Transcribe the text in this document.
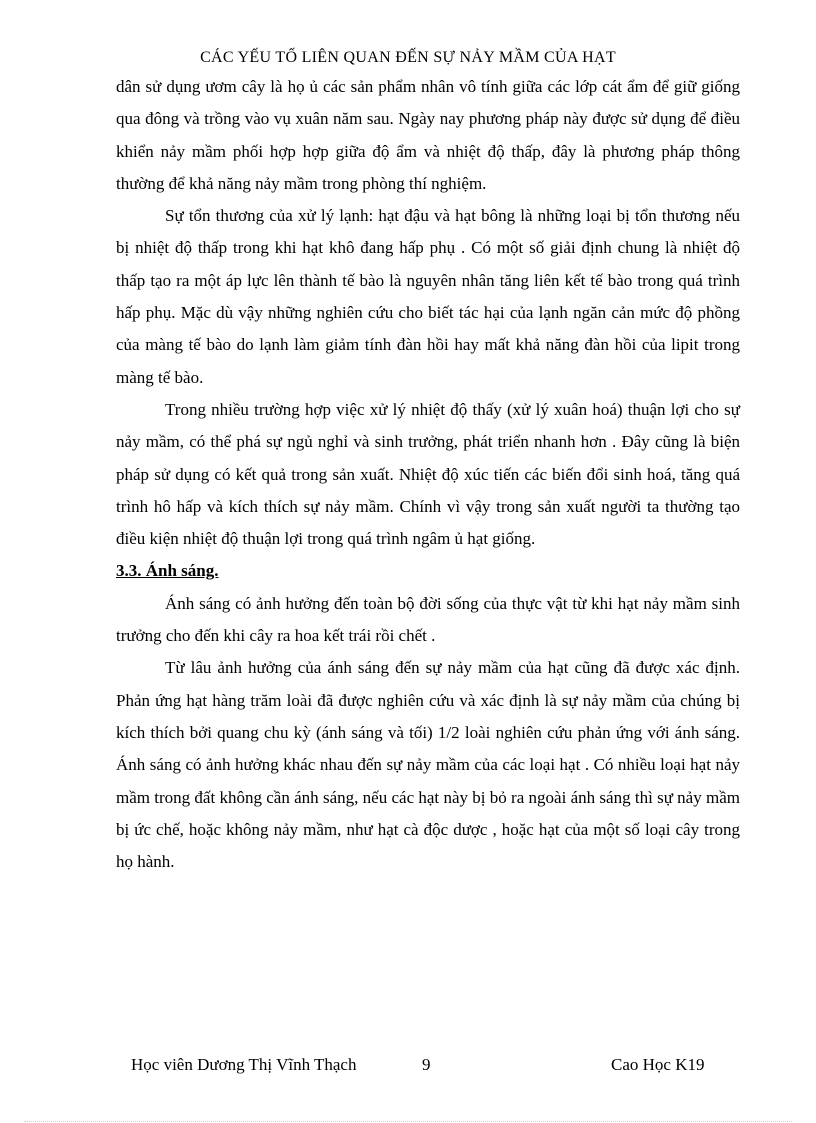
CÁC YẾU TỐ LIÊN QUAN ĐẾN SỰ NẢY MẦM CỦA HẠT

dân sử dụng ươm cây là họ ủ các sản phẩm nhân vô tính giữa các lớp cát ẩm để giữ giống qua đông và trồng vào vụ xuân năm sau. Ngày nay phương pháp này được sử dụng để điều khiển nảy mầm phối hợp hợp giữa độ ẩm và nhiệt độ thấp, đây là phương pháp thông thường để khả năng nảy mầm trong phòng thí nghiệm.

Sự tổn thương của xử lý lạnh: hạt đậu và hạt bông là những loại bị tổn thương nếu bị nhiệt độ thấp trong khi hạt khô đang hấp phụ . Có một số giải định chung là nhiệt độ thấp tạo ra một áp lực lên thành tế bào là nguyên nhân tăng liên kết tế bào trong quá trình hấp phụ. Mặc dù vậy những nghiên cứu cho biết tác hại của lạnh ngăn cản mức độ phồng của màng tế bào do lạnh làm giảm tính đàn hồi hay mất khả năng đàn hồi của lipit trong màng tế bào.

Trong nhiều trường hợp việc xử lý nhiệt độ thấy (xử lý xuân hoá) thuận lợi cho sự nảy mầm, có thể phá sự ngủ nghỉ và sinh trưởng, phát triển nhanh hơn . Đây cũng là biện pháp sử dụng có kết quả trong sản xuất. Nhiệt độ xúc tiến các biến đổi sinh hoá, tăng quá trình hô hấp và kích thích sự nảy mầm. Chính vì vậy trong sản xuất người ta thường tạo điều kiện nhiệt độ thuận lợi trong quá trình ngâm ủ hạt giống.

3.3. Ánh sáng.

Ánh sáng có ảnh hưởng đến toàn bộ đời sống của thực vật từ khi hạt nảy mầm sinh trưởng cho đến khi cây ra hoa kết trái rồi chết .

Từ lâu ảnh hưởng của ánh sáng đến sự nảy mầm của hạt cũng đã được xác định. Phản ứng hạt hàng trăm loài đã được nghiên cứu và xác định là sự nảy mầm của chúng bị kích thích bởi quang chu kỳ (ánh sáng và tối) 1/2 loài nghiên cứu phản ứng với ánh sáng. Ánh sáng có ảnh hưởng khác nhau đến sự nảy mầm của các loại hạt . Có nhiều loại hạt nảy mầm trong đất không cần ánh sáng, nếu các hạt này bị bỏ ra ngoài ánh sáng thì sự nảy mầm bị ức chế, hoặc không nảy mầm, như hạt cà độc dược , hoặc hạt của một số loại cây trong họ hành.

Học viên Dương Thị Vĩnh Thạch	9	Cao Học K19
